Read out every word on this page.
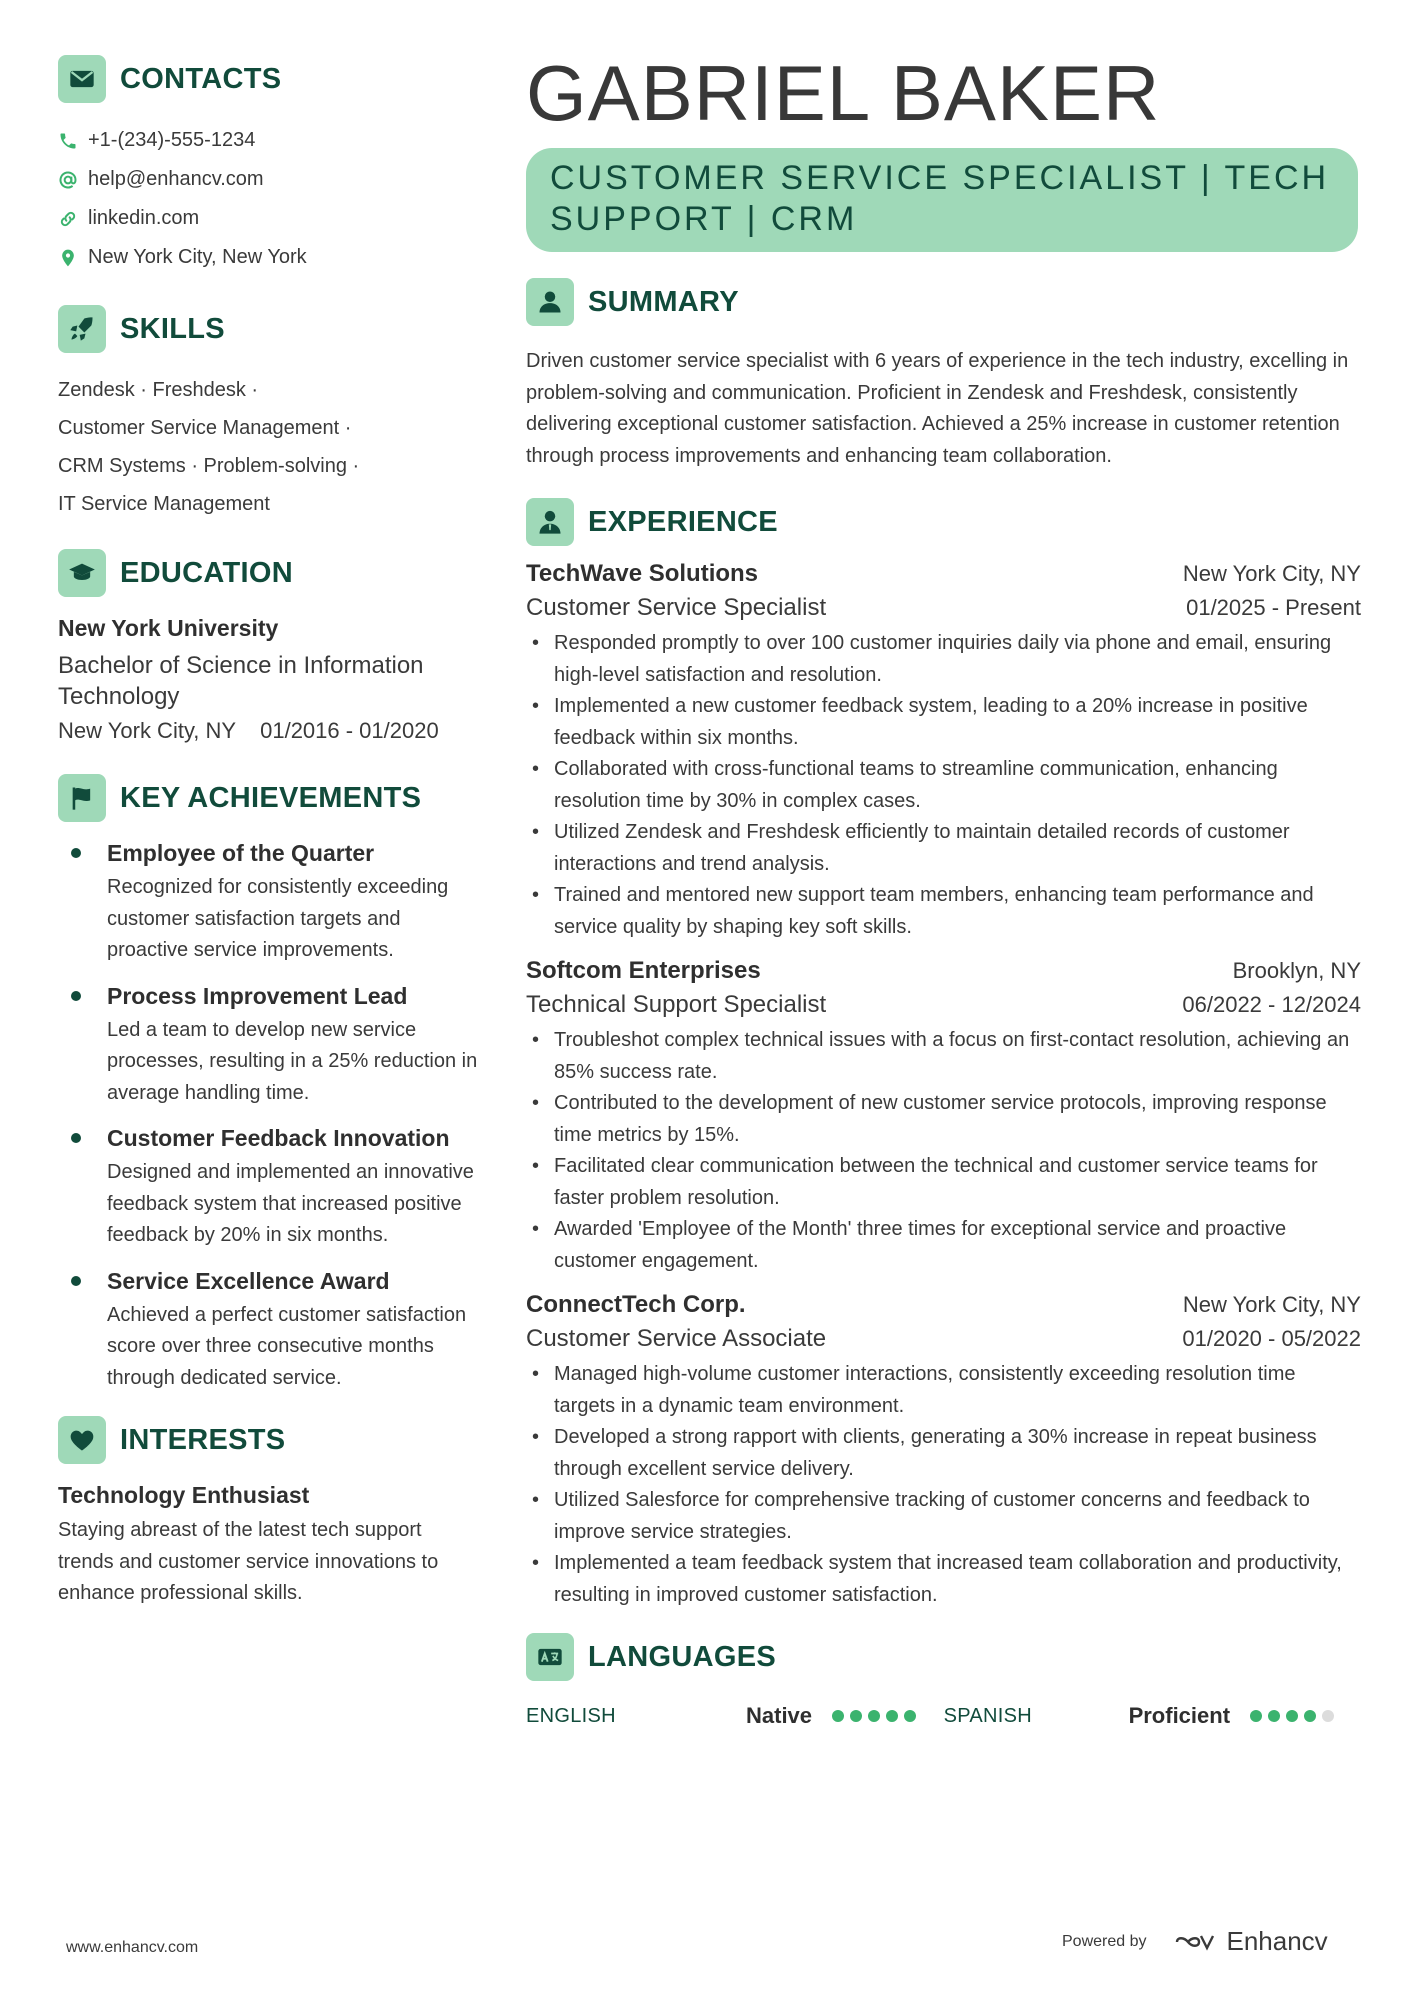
CONTACTS
+1-(234)-555-1234
help@enhancv.com
linkedin.com
New York City, New York
SKILLS
Zendesk · Freshdesk ·
Customer Service Management ·
CRM Systems · Problem-solving ·
IT Service Management
EDUCATION
New York University
Bachelor of Science in Information Technology
New York City, NY 01/2016 - 01/2020
KEY ACHIEVEMENTS
Employee of the Quarter
Recognized for consistently exceeding customer satisfaction targets and proactive service improvements.
Process Improvement Lead
Led a team to develop new service processes, resulting in a 25% reduction in average handling time.
Customer Feedback Innovation
Designed and implemented an innovative feedback system that increased positive feedback by 20% in six months.
Service Excellence Award
Achieved a perfect customer satisfaction score over three consecutive months through dedicated service.
INTERESTS
Technology Enthusiast
Staying abreast of the latest tech support trends and customer service innovations to enhance professional skills.
GABRIEL BAKER
CUSTOMER SERVICE SPECIALIST | TECH SUPPORT | CRM
SUMMARY
Driven customer service specialist with 6 years of experience in the tech industry, excelling in problem-solving and communication. Proficient in Zendesk and Freshdesk, consistently delivering exceptional customer satisfaction. Achieved a 25% increase in customer retention through process improvements and enhancing team collaboration.
EXPERIENCE
TechWave Solutions	New York City, NY
Customer Service Specialist	01/2025 - Present
• Responded promptly to over 100 customer inquiries daily via phone and email, ensuring high-level satisfaction and resolution.
• Implemented a new customer feedback system, leading to a 20% increase in positive feedback within six months.
• Collaborated with cross-functional teams to streamline communication, enhancing resolution time by 30% in complex cases.
• Utilized Zendesk and Freshdesk efficiently to maintain detailed records of customer interactions and trend analysis.
• Trained and mentored new support team members, enhancing team performance and service quality by shaping key soft skills.
Softcom Enterprises	Brooklyn, NY
Technical Support Specialist	06/2022 - 12/2024
• Troubleshot complex technical issues with a focus on first-contact resolution, achieving an 85% success rate.
• Contributed to the development of new customer service protocols, improving response time metrics by 15%.
• Facilitated clear communication between the technical and customer service teams for faster problem resolution.
• Awarded 'Employee of the Month' three times for exceptional service and proactive customer engagement.
ConnectTech Corp.	New York City, NY
Customer Service Associate	01/2020 - 05/2022
• Managed high-volume customer interactions, consistently exceeding resolution time targets in a dynamic team environment.
• Developed a strong rapport with clients, generating a 30% increase in repeat business through excellent service delivery.
• Utilized Salesforce for comprehensive tracking of customer concerns and feedback to improve service strategies.
• Implemented a team feedback system that increased team collaboration and productivity, resulting in improved customer satisfaction.
LANGUAGES
ENGLISH	Native	SPANISH	Proficient
www.enhancv.com	Powered by	Enhancv
